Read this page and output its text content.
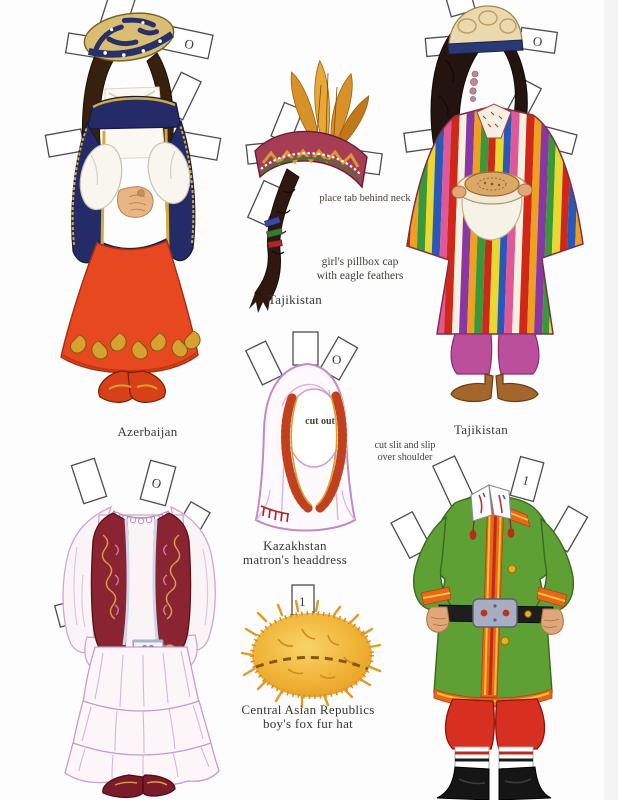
O
Azerbaijan
place tab behind neck
girl's pillbox cap
with eagle feathers
Tajikistan
O
Tajikistan
O
cut out
Kazakhstan
matron's headdress
cut slit and slip
over shoulder
O
1
Central Asian Republics
boy's fox fur hat
1
